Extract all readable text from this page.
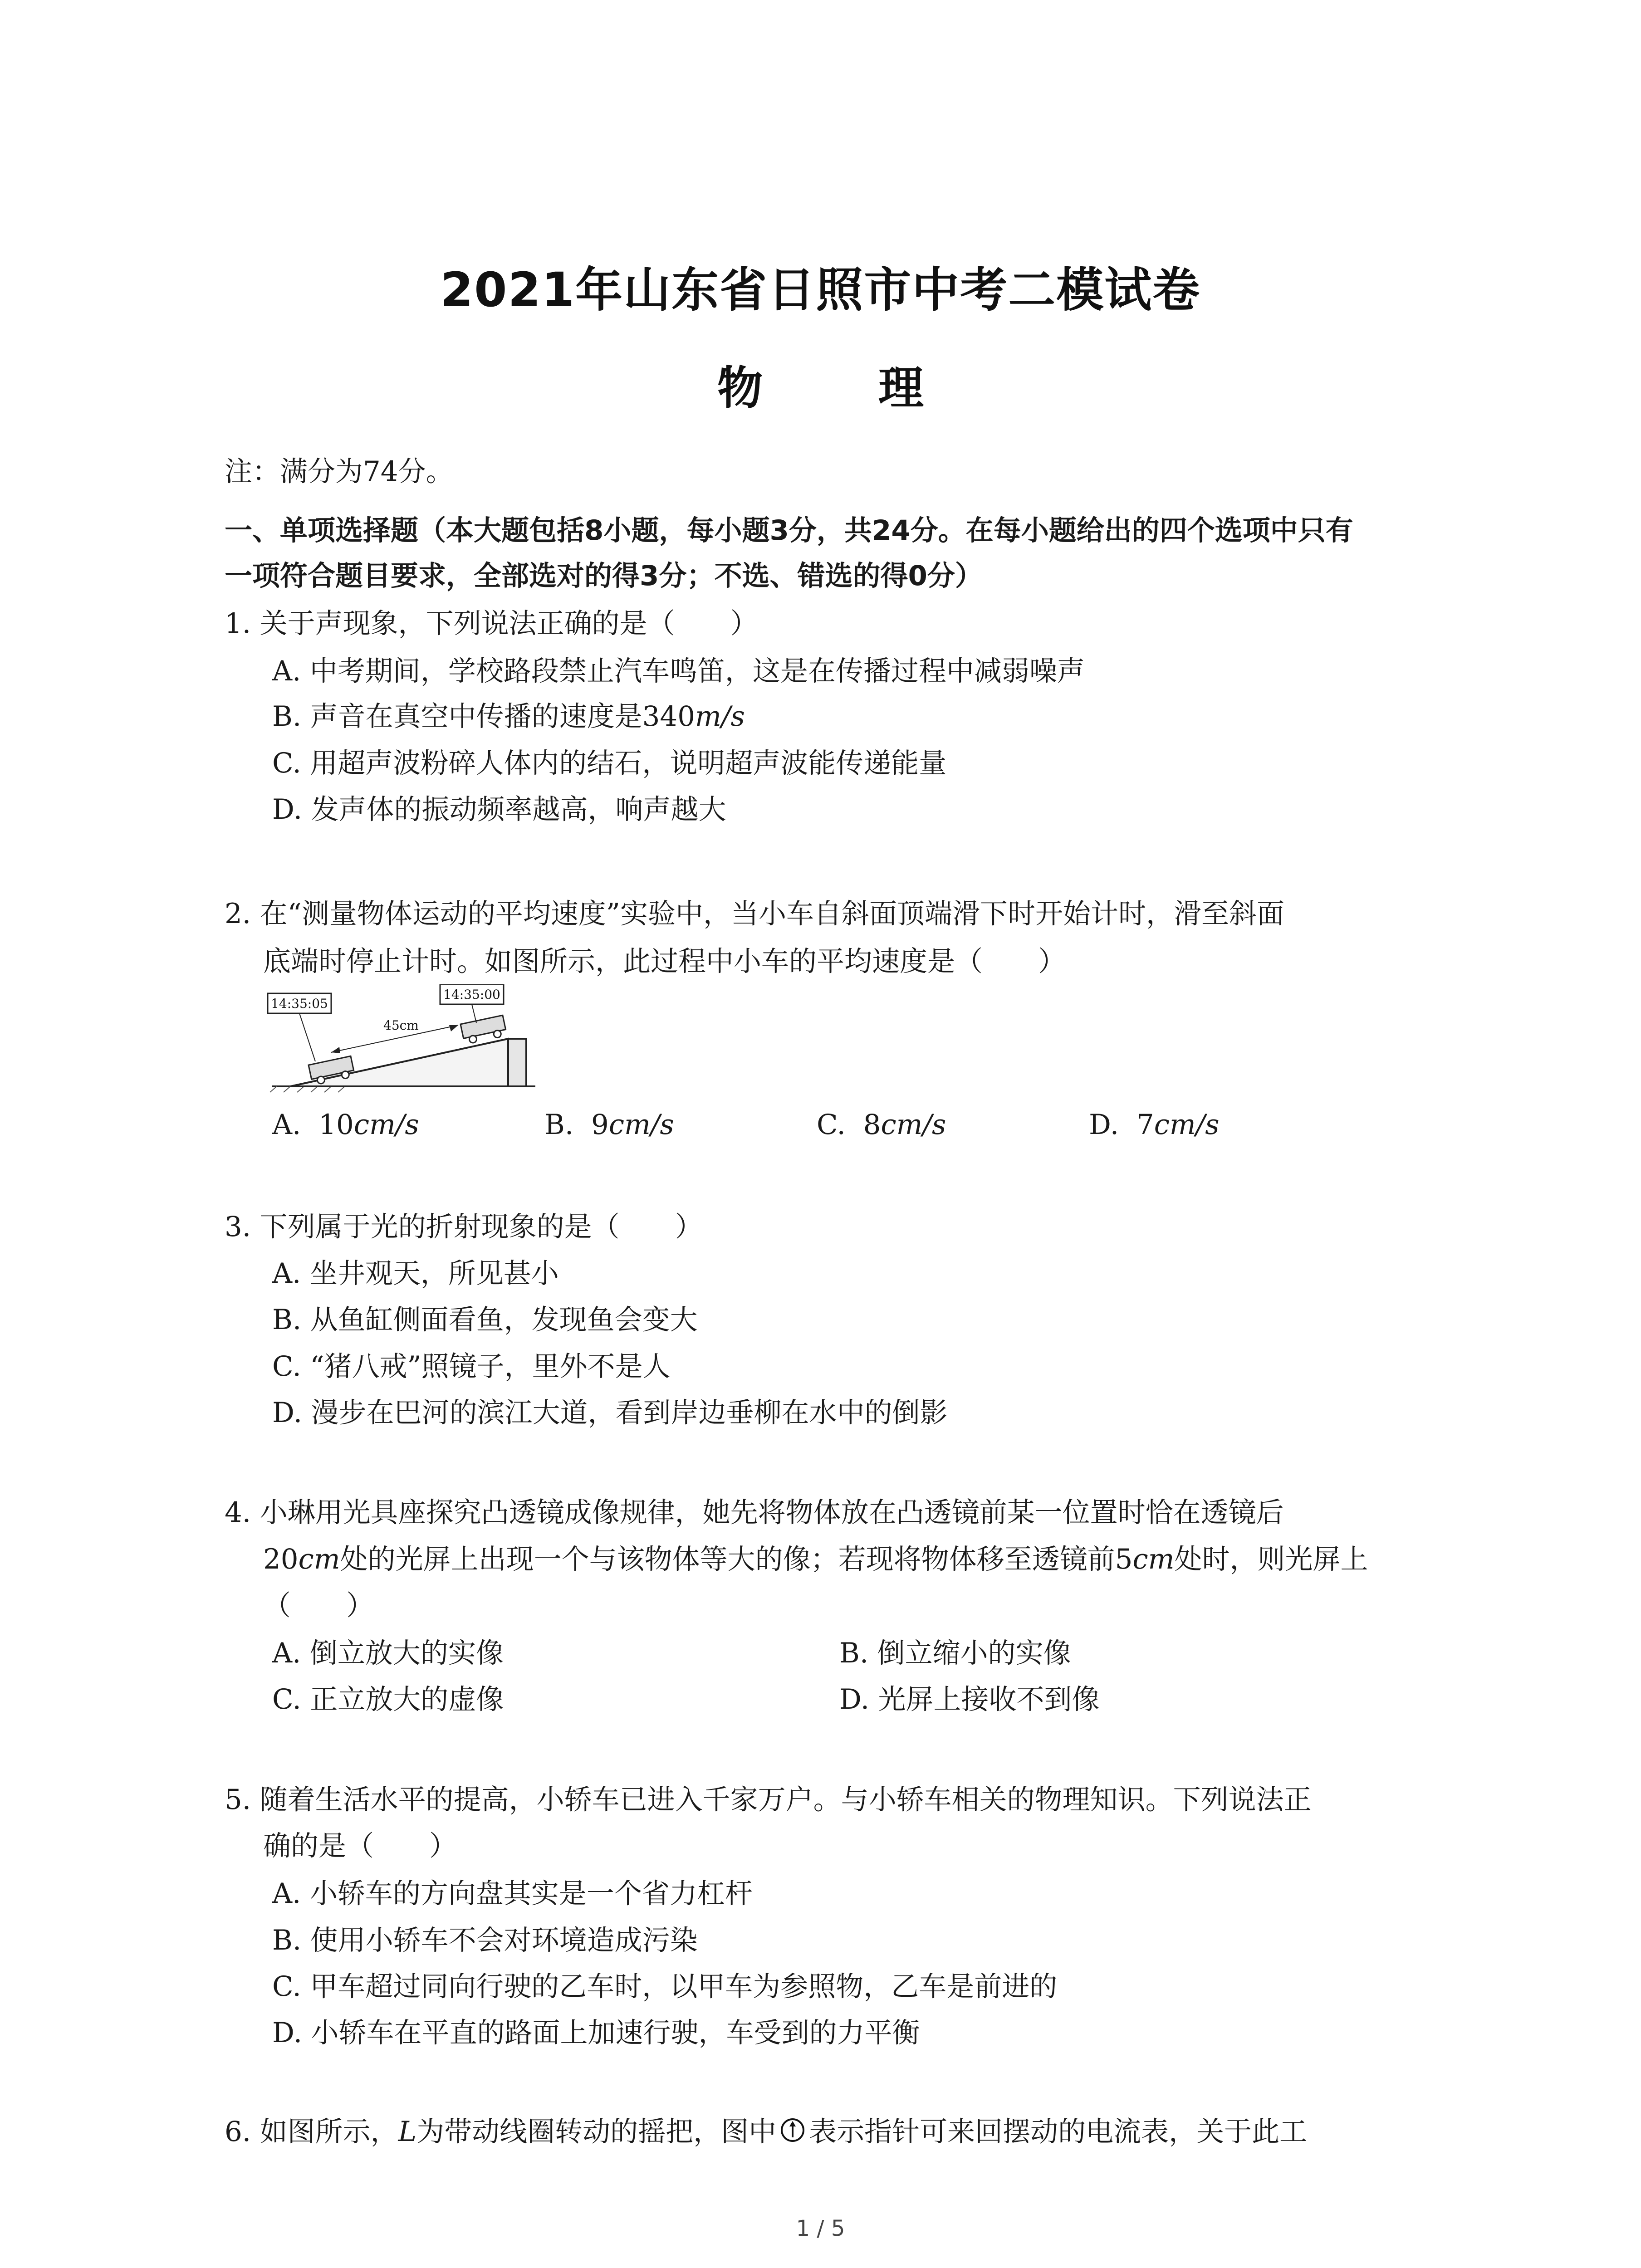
2021年山东省日照市中考二模试卷
物 理
注：满分为74分。
一、单项选择题（本大题包括8小题，每小题3分，共24分。在每小题给出的四个选项中只有
一项符合题目要求，全部选对的得3分；不选、错选的得0分）
1. 关于声现象，下列说法正确的是（　　）
A. 中考期间，学校路段禁止汽车鸣笛，这是在传播过程中减弱噪声
B. 声音在真空中传播的速度是340m/s
C. 用超声波粉碎人体内的结石，说明超声波能传递能量
D. 发声体的振动频率越高，响声越大
2. 在“测量物体运动的平均速度”实验中，当小车自斜面顶端滑下时开始计时，滑至斜面
底端时停止计时。如图所示，此过程中小车的平均速度是（　　）
14:35:05
14:35:00
45cm
A. 10cm/s	B. 9cm/s	C. 8cm/s	D. 7cm/s
3. 下列属于光的折射现象的是（　　）
A. 坐井观天，所见甚小
B. 从鱼缸侧面看鱼，发现鱼会变大
C. “猪八戒”照镜子，里外不是人
D. 漫步在巴河的滨江大道，看到岸边垂柳在水中的倒影
4. 小琳用光具座探究凸透镜成像规律，她先将物体放在凸透镜前某一位置时恰在透镜后
20cm处的光屏上出现一个与该物体等大的像；若现将物体移至透镜前5cm处时，则光屏上
（　　）
A. 倒立放大的实像	B. 倒立缩小的实像
C. 正立放大的虚像	D. 光屏上接收不到像
5. 随着生活水平的提高，小轿车已进入千家万户。与小轿车相关的物理知识。下列说法正
确的是（　　）
A. 小轿车的方向盘其实是一个省力杠杆
B. 使用小轿车不会对环境造成污染
C. 甲车超过同向行驶的乙车时，以甲车为参照物，乙车是前进的
D. 小轿车在平直的路面上加速行驶，车受到的力平衡
6. 如图所示，L为带动线圈转动的摇把，图中 表示指针可来回摆动的电流表，关于此工
1 / 5
